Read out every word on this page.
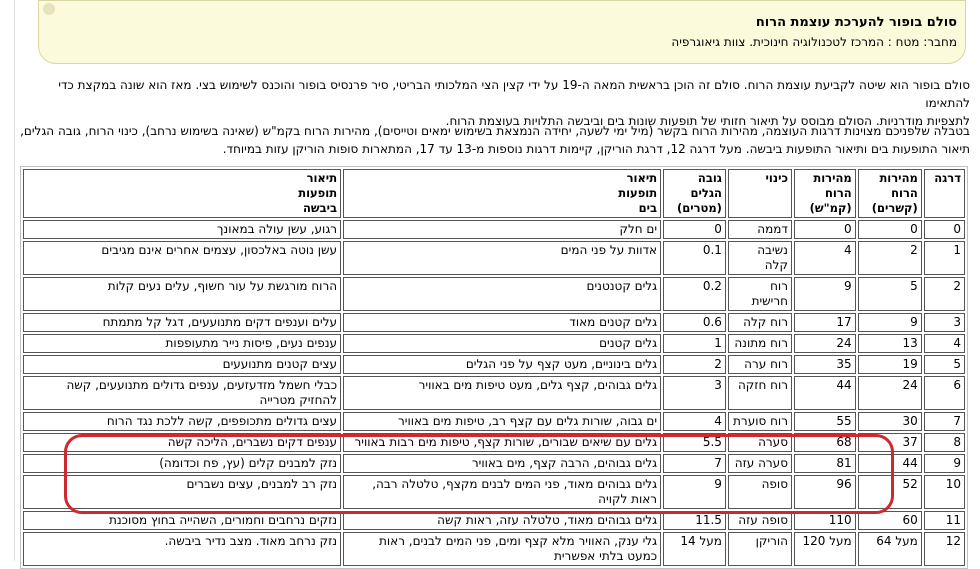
סולם בופור להערכת עוצמת הרוח
מחבר: מטח : המרכז לטכנולוגיה חינוכית. צוות גיאוגרפיה
סולם בופור הוא שיטה לקביעת עוצמת הרוח. סולם זה הוכן בראשית המאה ה-19 על ידי קצין הצי המלכותי הבריטי, סיר פרנסיס בופור והוכנס לשימוש בצי. מאז הוא שונה במקצת כדי להתאימו
לתצפיות מודרניות. הסולם מבוסס על תיאור חזותי של תופעות שונות בים וביבשה התלויות בעוצמת הרוח.
בטבלה שלפניכם מצוינות דרגות העוצמה, מהירות הרוח בקשר (מיל ימי לשעה, יחידה הנמצאת בשימוש ימאים וטייסים), מהירות הרוח בקמ"ש (שאינה בשימוש נרחב), כינוי הרוח, גובה הגלים,
תיאור התופעות בים ותיאור התופעות ביבשה. מעל דרגה 12, דרגת הוריקן, קיימות דרגות נוספות מ-13 עד 17, המתארות סופות הוריקן עזות במיוחד.
דרגה	מהירות הרוח (קשרים)	מהירות הרוח (קמ"ש)	כינוי	גובה הגלים (מטרים)	תיאור תופעות בים	תיאור תופעות ביבשה

0	0	0	דממה	0	ים חלק	רגוע, עשן עולה במאונך
1	2	4	נשיבה קלה	0.1	אדוות על פני המים	עשן נוטה באלכסון, עצמים אחרים אינם מגיבים
2	5	9	רוח חרישית	0.2	גלים קטנטנים	הרוח מורגשת על עור חשוף, עלים נעים קלות
3	9	17	רוח קלה	0.6	גלים קטנים מאוד	עלים וענפים דקים מתנועעים, דגל קל מתמתח
4	13	24	רוח מתונה	1	גלים קטנים	ענפים נעים, פיסות נייר מתעופפות
5	19	35	רוח ערה	2	גלים בינוניים, מעט קצף על פני הגלים	עצים קטנים מתנועעים
6	24	44	רוח חזקה	3	גלים גבוהים, קצף גלים, מעט טיפות מים באוויר	כבלי חשמל מזדעזעים, ענפים גדולים מתנועעים, קשה להחזיק מטרייה
7	30	55	רוח סוערת	4	ים גבוה, שורות גלים עם קצף רב, טיפות מים באוויר	עצים גדולים מתכופפים, קשה ללכת נגד הרוח
8	37	68	סערה	5.5	גלים עם שיאים שבורים, שורות קצף, טיפות מים רבות באוויר	ענפים דקים נשברים, הליכה קשה
9	44	81	סערה עזה	7	גלים גבוהים, הרבה קצף, מים באוויר	נזק למבנים קלים (עץ, פח וכדומה)
10	52	96	סופה	9	גלים גבוהים מאוד, פני המים לבנים מקצף, טלטלה רבה, ראות לקויה	נזק רב למבנים, עצים נשברים
11	60	110	סופה עזה	11.5	גלים גבוהים מאוד, טלטלה עזה, ראות קשה	נזקים נרחבים וחמורים, השהייה בחוץ מסוכנת
12	מעל 64	מעל 120	הוריקן	מעל 14	גלי ענק, האוויר מלא קצף ומים, פני המים לבנים, ראות כמעט בלתי אפשרית	נזק נרחב מאוד. מצב נדיר ביבשה.
